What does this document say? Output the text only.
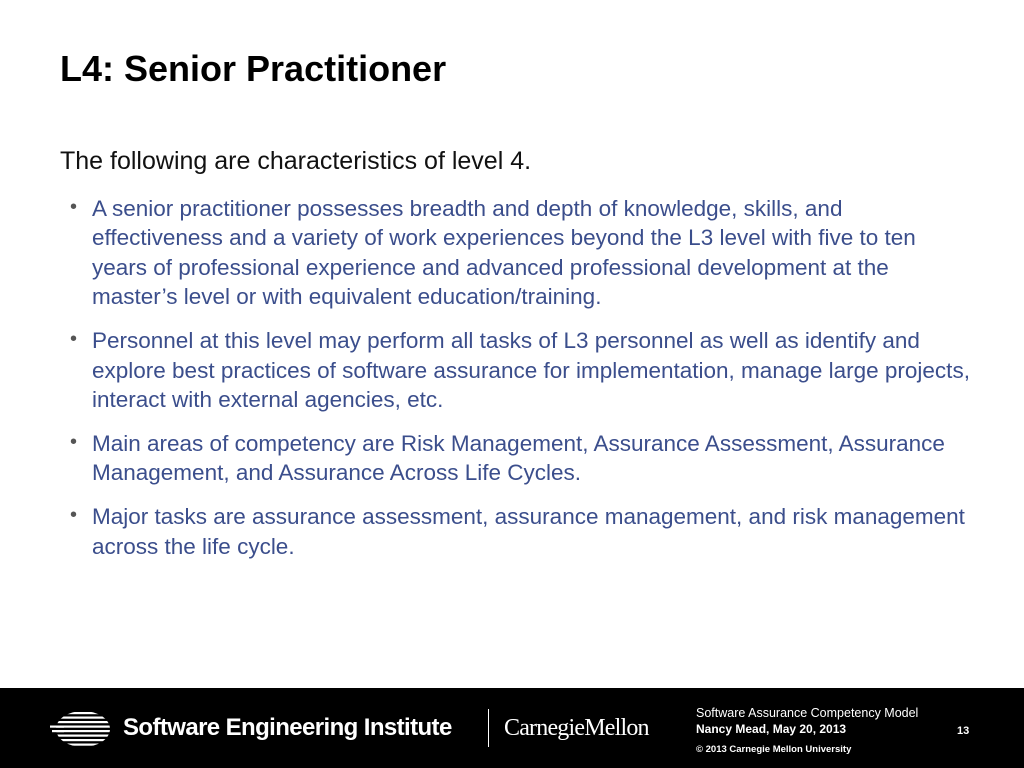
L4: Senior Practitioner

The following are characteristics of level 4.

• A senior practitioner possesses breadth and depth of knowledge, skills, and effectiveness and a variety of work experiences beyond the L3 level with five to ten years of professional experience and advanced professional development at the master’s level or with equivalent education/training.
• Personnel at this level may perform all tasks of L3 personnel as well as identify and explore best practices of software assurance for implementation, manage large projects, interact with external agencies, etc.
• Main areas of competency are Risk Management, Assurance Assessment, Assurance Management, and Assurance Across Life Cycles.
• Major tasks are assurance assessment, assurance management, and risk management across the life cycle.
Software Engineering Institute CarnegieMellon
Software Assurance Competency Model
Nancy Mead, May 20, 2013
© 2013 Carnegie Mellon University
13
